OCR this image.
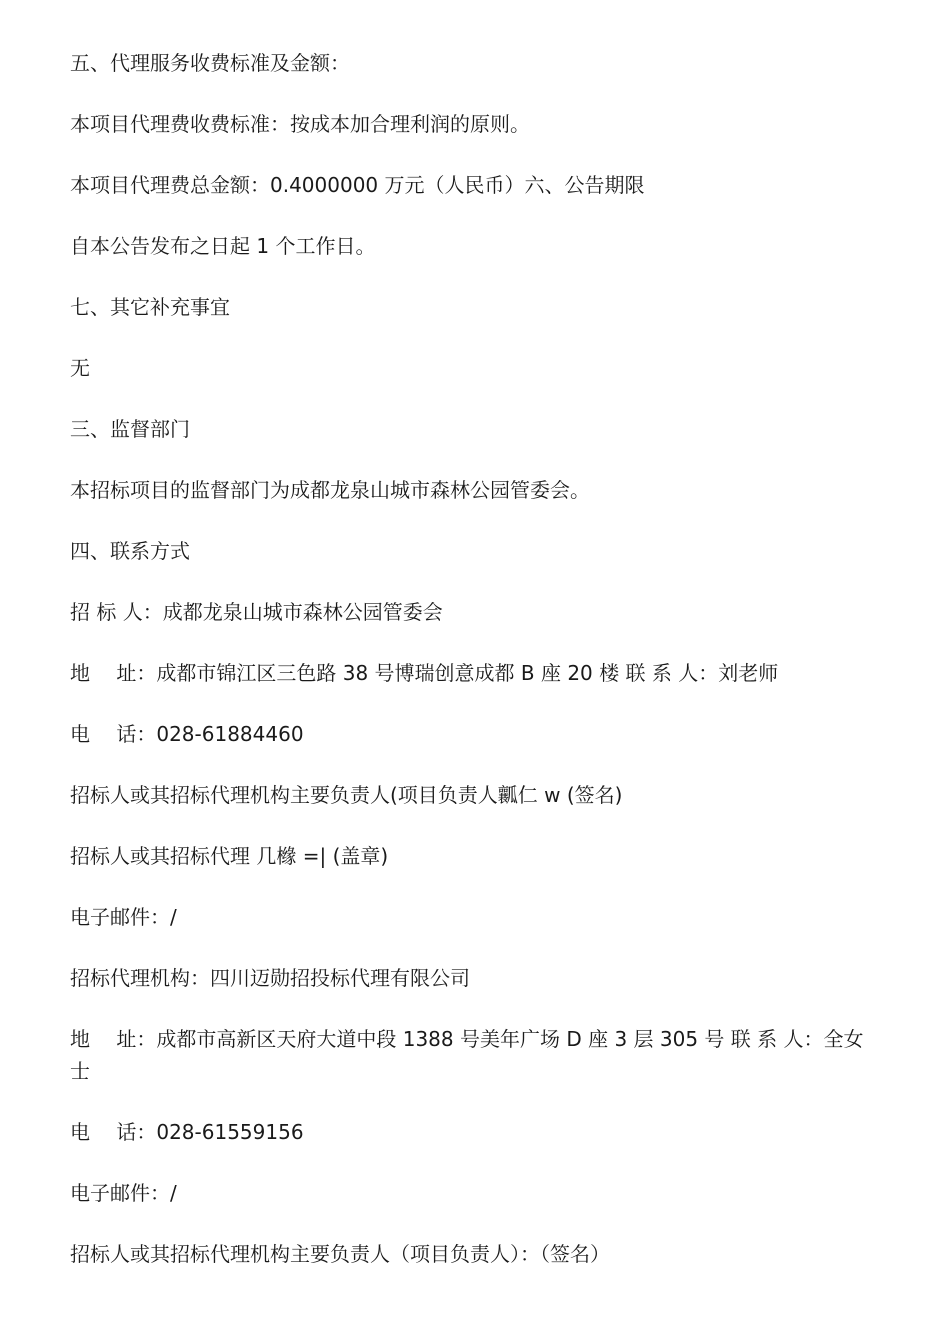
五、代理服务收费标准及金额：

本项目代理费收费标准：按成本加合理利润的原则。

本项目代理费总金额：0.4000000 万元（人民币）六、公告期限

自本公告发布之日起 1 个工作日。

七、其它补充事宜

无

三、监督部门

本招标项目的监督部门为成都龙泉山城市森林公园管委会。

四、联系方式

招 标 人：成都龙泉山城市森林公园管委会

地　 址：成都市锦江区三色路 38 号博瑞创意成都 B 座 20 楼 联 系 人：刘老师

电　 话：028-61884460

招标人或其招标代理机构主要负责人(项目负责人瓤仁 w (签名)

招标人或其招标代理 几橼 =| (盖章)

电子邮件：/

招标代理机构：四川迈勋招投标代理有限公司

地　 址：成都市高新区天府大道中段 1388 号美年广场 D 座 3 层 305 号 联 系 人：全女士

电　 话：028-61559156

电子邮件：/

招标人或其招标代理机构主要负责人（项目负责人）：（签名）
